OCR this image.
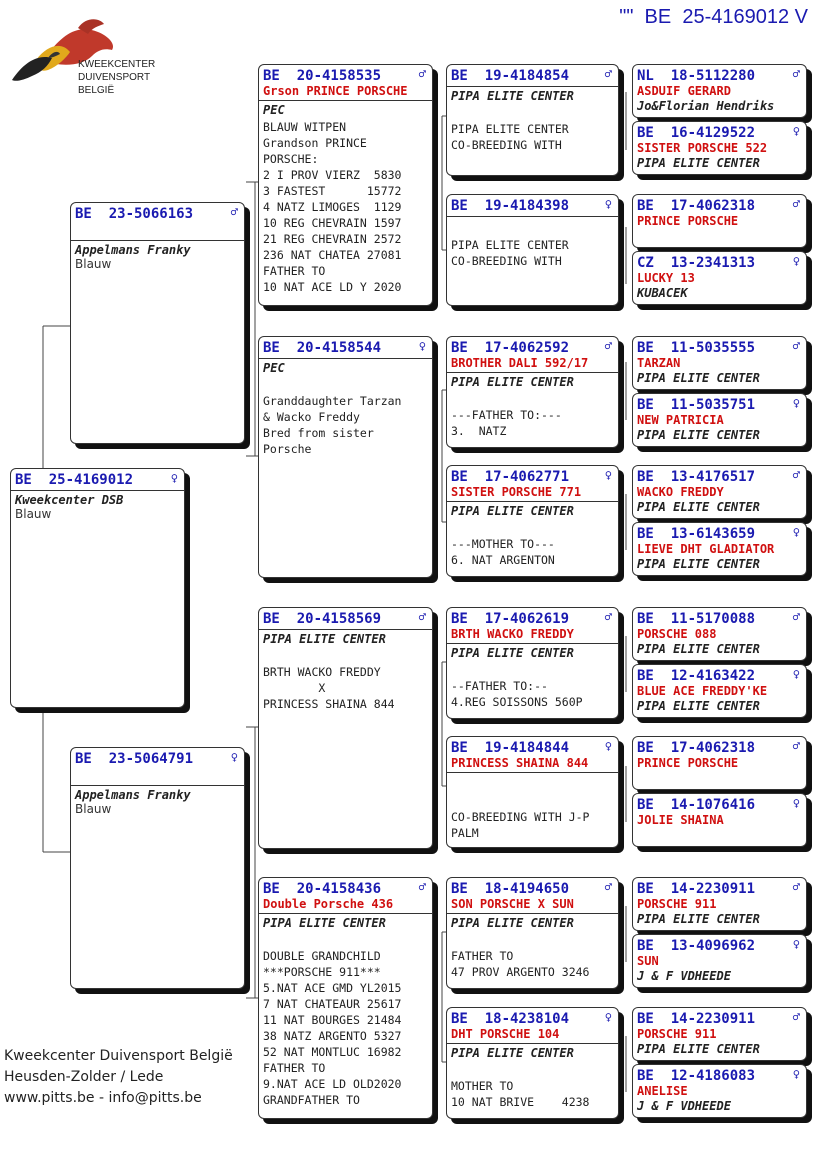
""  BE  25-4169012 V
KWEEKCENTER
DUIVENSPORT BELGIË
BE  25-4169012	♀
Kweekcenter DSB
Blauw
BE  23-5066163	♂
Appelmans Franky
Blauw
BE  23-5064791	♀
Appelmans Franky
Blauw
BE  20-4158535	♂
Grson PRINCE PORSCHE
PEC
BLAUW WITPEN
Grandson PRINCE
PORSCHE:
2 I PROV VIERZ  5830
3 FASTEST      15772
4 NATZ LIMOGES  1129
10 REG CHEVRAIN 1597
21 REG CHEVRAIN 2572
236 NAT CHATEA 27081
FATHER TO
10 NAT ACE LD Y 2020
BE  20-4158544	♀
PEC

Granddaughter Tarzan
& Wacko Freddy
Bred from sister
Porsche
BE  20-4158569	♂
PIPA ELITE CENTER

BRTH WACKO FREDDY
X
PRINCESS SHAINA 844
BE  20-4158436	♂
Double Porsche 436
PIPA ELITE CENTER

DOUBLE GRANDCHILD
***PORSCHE 911***
5.NAT ACE GMD YL2015
7 NAT CHATEAUR 25617
11 NAT BOURGES 21484
38 NATZ ARGENTO 5327
52 NAT MONTLUC 16982
FATHER TO
9.NAT ACE LD OLD2020
GRANDFATHER TO
BE  19-4184854	♂
PIPA ELITE CENTER

PIPA ELITE CENTER
CO-BREEDING WITH
BE  19-4184398	♀

PIPA ELITE CENTER
CO-BREEDING WITH
BE  17-4062592	♂
BROTHER DALI 592/17
PIPA ELITE CENTER

---FATHER TO:---
3.  NATZ
BE  17-4062771	♀
SISTER PORSCHE 771
PIPA ELITE CENTER

---MOTHER TO---
6. NAT ARGENTON
BE  17-4062619	♂
BRTH WACKO FREDDY
PIPA ELITE CENTER

--FATHER TO:--
4.REG SOISSONS 560P
BE  19-4184844	♀
PRINCESS SHAINA 844

CO-BREEDING WITH J-P
PALM
BE  18-4194650	♂
SON PORSCHE X SUN
PIPA ELITE CENTER

FATHER TO
47 PROV ARGENTO 3246
BE  18-4238104	♀
DHT PORSCHE 104
PIPA ELITE CENTER

MOTHER TO
10 NAT BRIVE    4238
NL  18-5112280	♂
ASDUIF GERARD
Jo&Florian Hendriks
BE  16-4129522	♀
SISTER PORSCHE 522
PIPA ELITE CENTER
BE  17-4062318	♂
PRINCE PORSCHE
CZ  13-2341313	♀
LUCKY 13
KUBACEK
BE  11-5035555	♂
TARZAN
PIPA ELITE CENTER
BE  11-5035751	♀
NEW PATRICIA
PIPA ELITE CENTER
BE  13-4176517	♂
WACKO FREDDY
PIPA ELITE CENTER
BE  13-6143659	♀
LIEVE DHT GLADIATOR
PIPA ELITE CENTER
BE  11-5170088	♂
PORSCHE 088
PIPA ELITE CENTER
BE  12-4163422	♀
BLUE ACE FREDDY'KE
PIPA ELITE CENTER
BE  17-4062318	♂
PRINCE PORSCHE
BE  14-1076416	♀
JOLIE SHAINA
BE  14-2230911	♂
PORSCHE 911
PIPA ELITE CENTER
BE  13-4096962	♀
SUN
J & F VDHEEDE
BE  14-2230911	♂
PORSCHE 911
PIPA ELITE CENTER
BE  12-4186083	♀
ANELISE
J & F VDHEEDE
Kweekcenter Duivensport België
Heusden-Zolder / Lede
www.pitts.be - info@pitts.be
